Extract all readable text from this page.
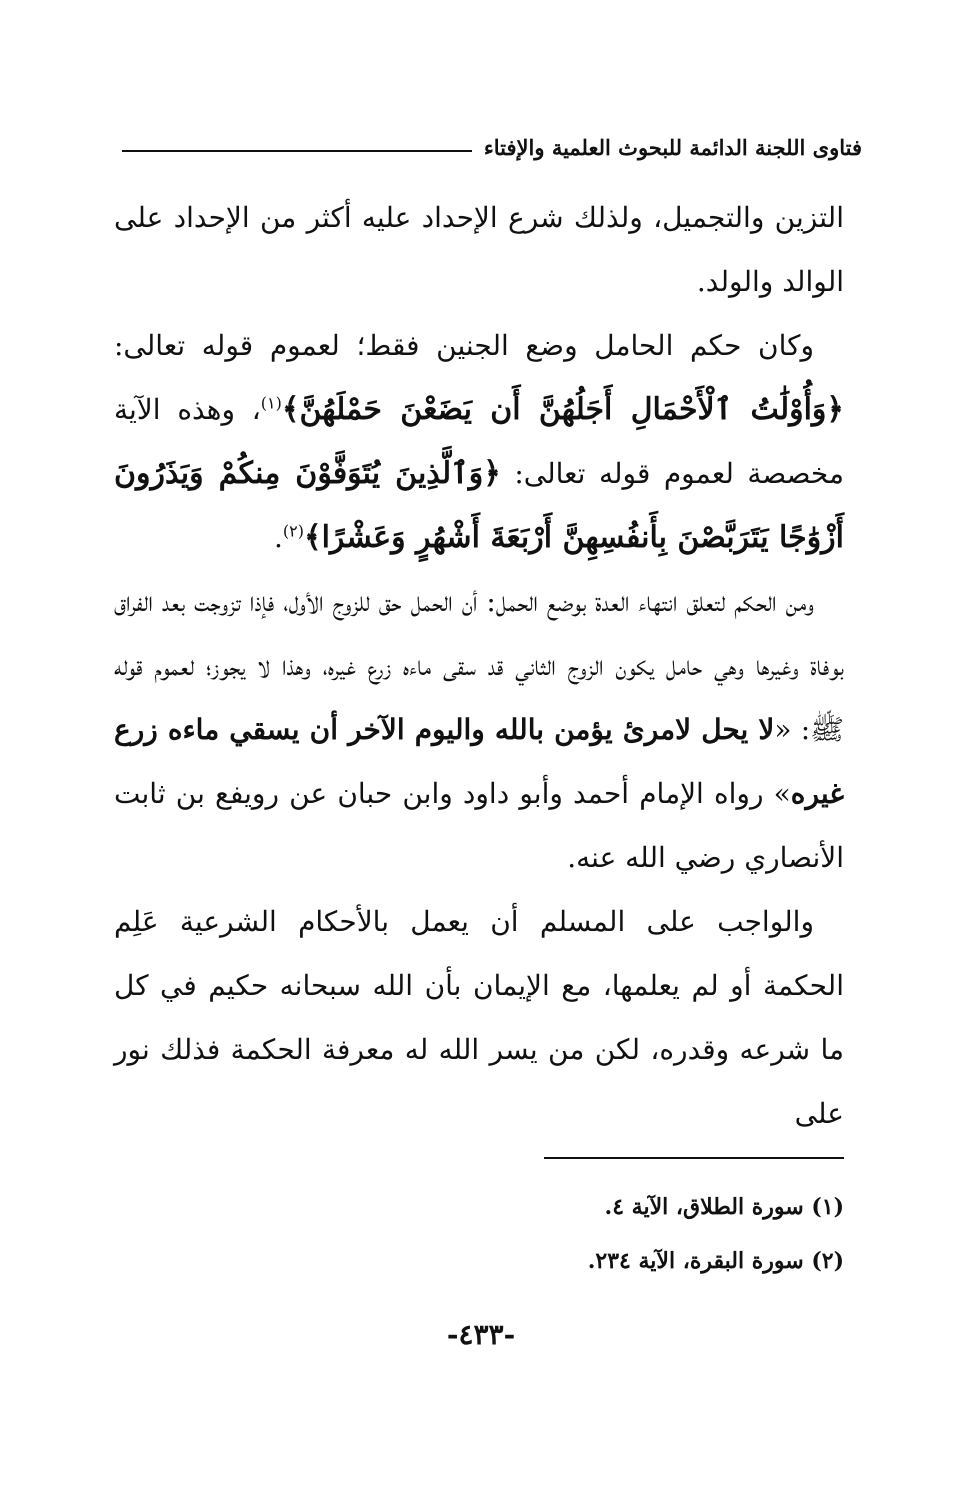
فتاوى اللجنة الدائمة للبحوث العلمية والإفتاء

التزين والتجميل، ولذلك شرع الإحداد عليه أكثر من الإحداد على الوالد والولد.

وكان حكم الحامل وضع الجنين فقط؛ لعموم قوله تعالى: ﴿وَأُوْلَٰتُ ٱلْأَحْمَالِ أَجَلُهُنَّ أَن يَضَعْنَ حَمْلَهُنَّ﴾$^{(١)}$، وهذه الآية مخصصة لعموم قوله تعالى: ﴿وَٱلَّذِينَ يُتَوَفَّوْنَ مِنكُمْ وَيَذَرُونَ أَزْوَٰجًا يَتَرَبَّصْنَ بِأَنفُسِهِنَّ أَرْبَعَةَ أَشْهُرٍ وَعَشْرًا﴾$^{(٢)}$.

ومن الحكم لتعلق انتهاء العدة بوضع الحمل: أن الحمل حق للزوج الأول، فإذا تزوجت بعد الفراق بوفاة وغيرها وهي حامل يكون الزوج الثاني قد سقى ماءه زرع غيره، وهذا لا يجوز؛ لعموم قوله ﷺ: «لا يحل لامرئ يؤمن بالله واليوم الآخر أن يسقي ماءه زرع غيره» رواه الإمام أحمد وأبو داود وابن حبان عن رويفع بن ثابت الأنصاري رضي الله عنه.

والواجب على المسلم أن يعمل بالأحكام الشرعية عَلِم الحكمة أو لم يعلمها، مع الإيمان بأن الله سبحانه حكيم في كل ما شرعه وقدره، لكن من يسر الله له معرفة الحكمة فذلك نور على

(١) سورة الطلاق، الآية ٤.

(٢) سورة البقرة، الآية ٢٣٤.

-٤٣٣-
